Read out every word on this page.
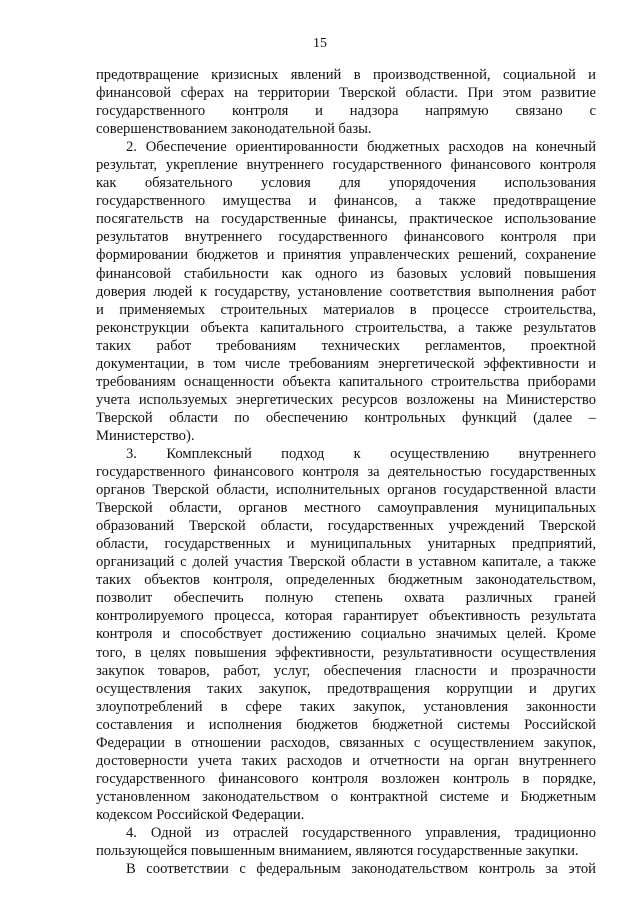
15
предотвращение кризисных явлений в производственной, социальной и
финансовой сферах на территории Тверской области. При этом развитие
государственного контроля и надзора напрямую связано с
совершенствованием законодательной базы.
2. Обеспечение ориентированности бюджетных расходов на конечный
результат, укрепление внутреннего государственного финансового контроля
как обязательного условия для упорядочения использования
государственного имущества и финансов, а также предотвращение
посягательств на государственные финансы, практическое использование
результатов внутреннего государственного финансового контроля при
формировании бюджетов и принятия управленческих решений, сохранение
финансовой стабильности как одного из базовых условий повышения
доверия людей к государству, установление соответствия выполнения работ
и применяемых строительных материалов в процессе строительства,
реконструкции объекта капитального строительства, а также результатов
таких работ требованиям технических регламентов, проектной
документации, в том числе требованиям энергетической эффективности и
требованиям оснащенности объекта капитального строительства приборами
учета используемых энергетических ресурсов возложены на Министерство
Тверской области по обеспечению контрольных функций (далее –
Министерство).
3. Комплексный подход к осуществлению внутреннего
государственного финансового контроля за деятельностью государственных
органов Тверской области, исполнительных органов государственной власти
Тверской области, органов местного самоуправления муниципальных
образований Тверской области, государственных учреждений Тверской
области, государственных и муниципальных унитарных предприятий,
организаций с долей участия Тверской области в уставном капитале, а также
таких объектов контроля, определенных бюджетным законодательством,
позволит обеспечить полную степень охвата различных граней
контролируемого процесса, которая гарантирует объективность результата
контроля и способствует достижению социально значимых целей. Кроме
того, в целях повышения эффективности, результативности осуществления
закупок товаров, работ, услуг, обеспечения гласности и прозрачности
осуществления таких закупок, предотвращения коррупции и других
злоупотреблений в сфере таких закупок, установления законности
составления и исполнения бюджетов бюджетной системы Российской
Федерации в отношении расходов, связанных с осуществлением закупок,
достоверности учета таких расходов и отчетности на орган внутреннего
государственного финансового контроля возложен контроль в порядке,
установленном законодательством о контрактной системе и Бюджетным
кодексом Российской Федерации.
4. Одной из отраслей государственного управления, традиционно
пользующейся повышенным вниманием, являются государственные закупки.
В соответствии с федеральным законодательством контроль за этой
